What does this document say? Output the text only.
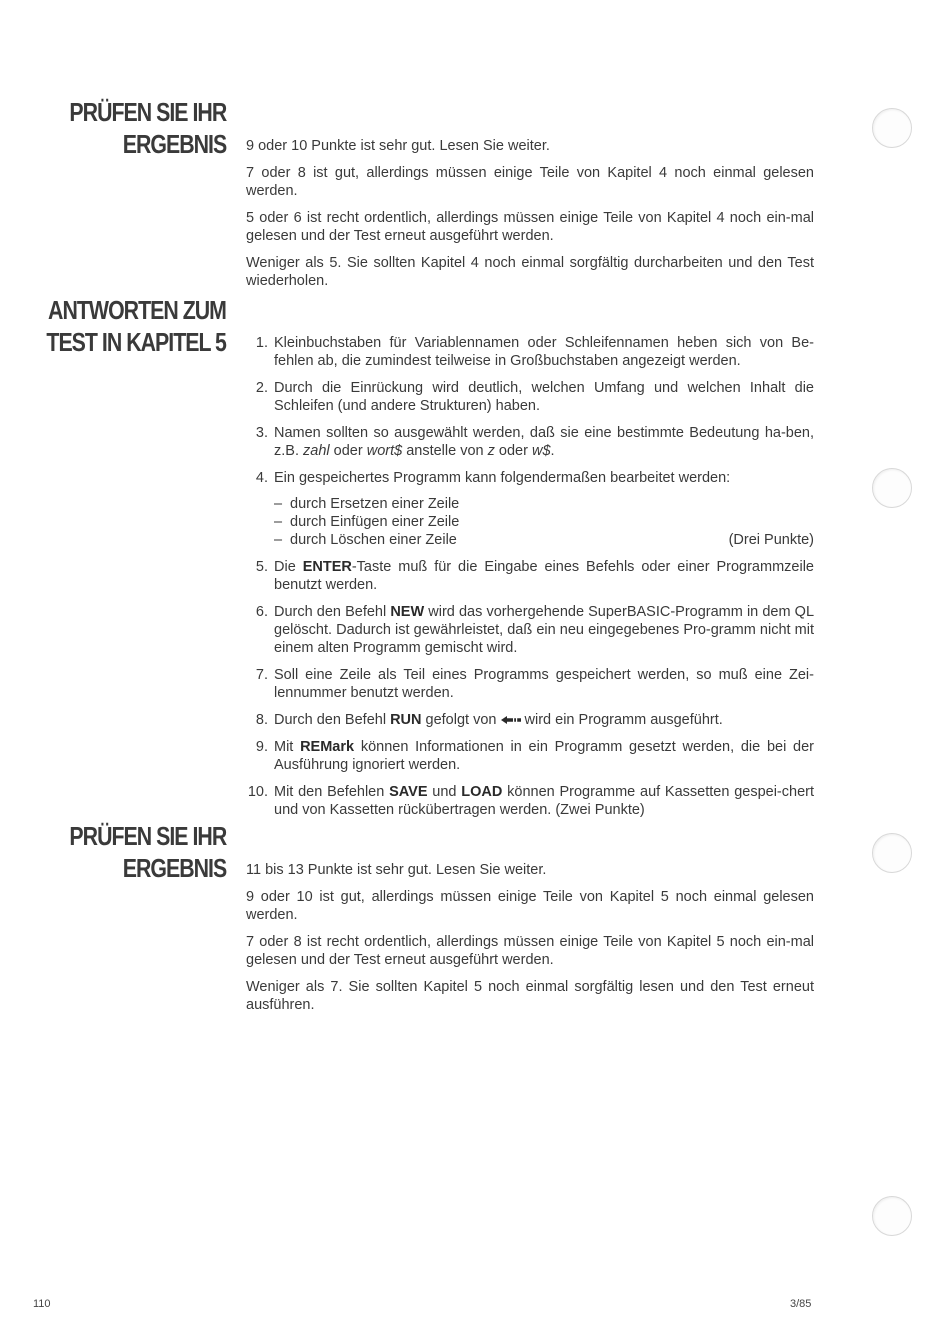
PRÜFEN SIE IHR
ERGEBNIS 9 oder 10 Punkte ist sehr gut. Lesen Sie weiter.

7 oder 8 ist gut, allerdings müssen einige Teile von Kapitel 4 noch einmal gelesen werden.

5 oder 6 ist recht ordentlich, allerdings müssen einige Teile von Kapitel 4 noch ein-mal gelesen und der Test erneut ausgeführt werden.

Weniger als 5. Sie sollten Kapitel 4 noch einmal sorgfältig durcharbeiten und den Test wiederholen.

ANTWORTEN ZUM
TEST IN KAPITEL 5	1. Kleinbuchstaben für Variablennamen oder Schleifennamen heben sich von Be-fehlen ab, die zumindest teilweise in Großbuchstaben angezeigt werden.
2. Durch die Einrückung wird deutlich, welchen Umfang und welchen Inhalt die Schleifen (und andere Strukturen) haben.
3. Namen sollten so ausgewählt werden, daß sie eine bestimmte Bedeutung ha-ben, z.B. zahl oder wort$ anstelle von z oder w$.
4. Ein gespeichertes Programm kann folgendermaßen bearbeitet werden:
– durch Ersetzen einer Zeile
– durch Einfügen einer Zeile
– durch Löschen einer Zeile	(Drei Punkte)
5. Die ENTER-Taste muß für die Eingabe eines Befehls oder einer Programmzeile benutzt werden.
6. Durch den Befehl NEW wird das vorhergehende SuperBASIC-Programm in dem QL gelöscht. Dadurch ist gewährleistet, daß ein neu eingegebenes Pro-gramm nicht mit einem alten Programm gemischt wird.
7. Soll eine Zeile als Teil eines Programms gespeichert werden, so muß eine Zei-lennummer benutzt werden.
8. Durch den Befehl RUN gefolgt von  wird ein Programm ausgeführt.
9. Mit REMark können Informationen in ein Programm gesetzt werden, die bei der Ausführung ignoriert werden.
10. Mit den Befehlen SAVE und LOAD können Programme auf Kassetten gespei-chert und von Kassetten rückübertragen werden. (Zwei Punkte)
PRÜFEN SIE IHR
ERGEBNIS 11 bis 13 Punkte ist sehr gut. Lesen Sie weiter.

9 oder 10 ist gut, allerdings müssen einige Teile von Kapitel 5 noch einmal gelesen werden.

7 oder 8 ist recht ordentlich, allerdings müssen einige Teile von Kapitel 5 noch ein-mal gelesen und der Test erneut ausgeführt werden.

Weniger als 7. Sie sollten Kapitel 5 noch einmal sorgfältig lesen und den Test erneut ausführen.

110	3/85
